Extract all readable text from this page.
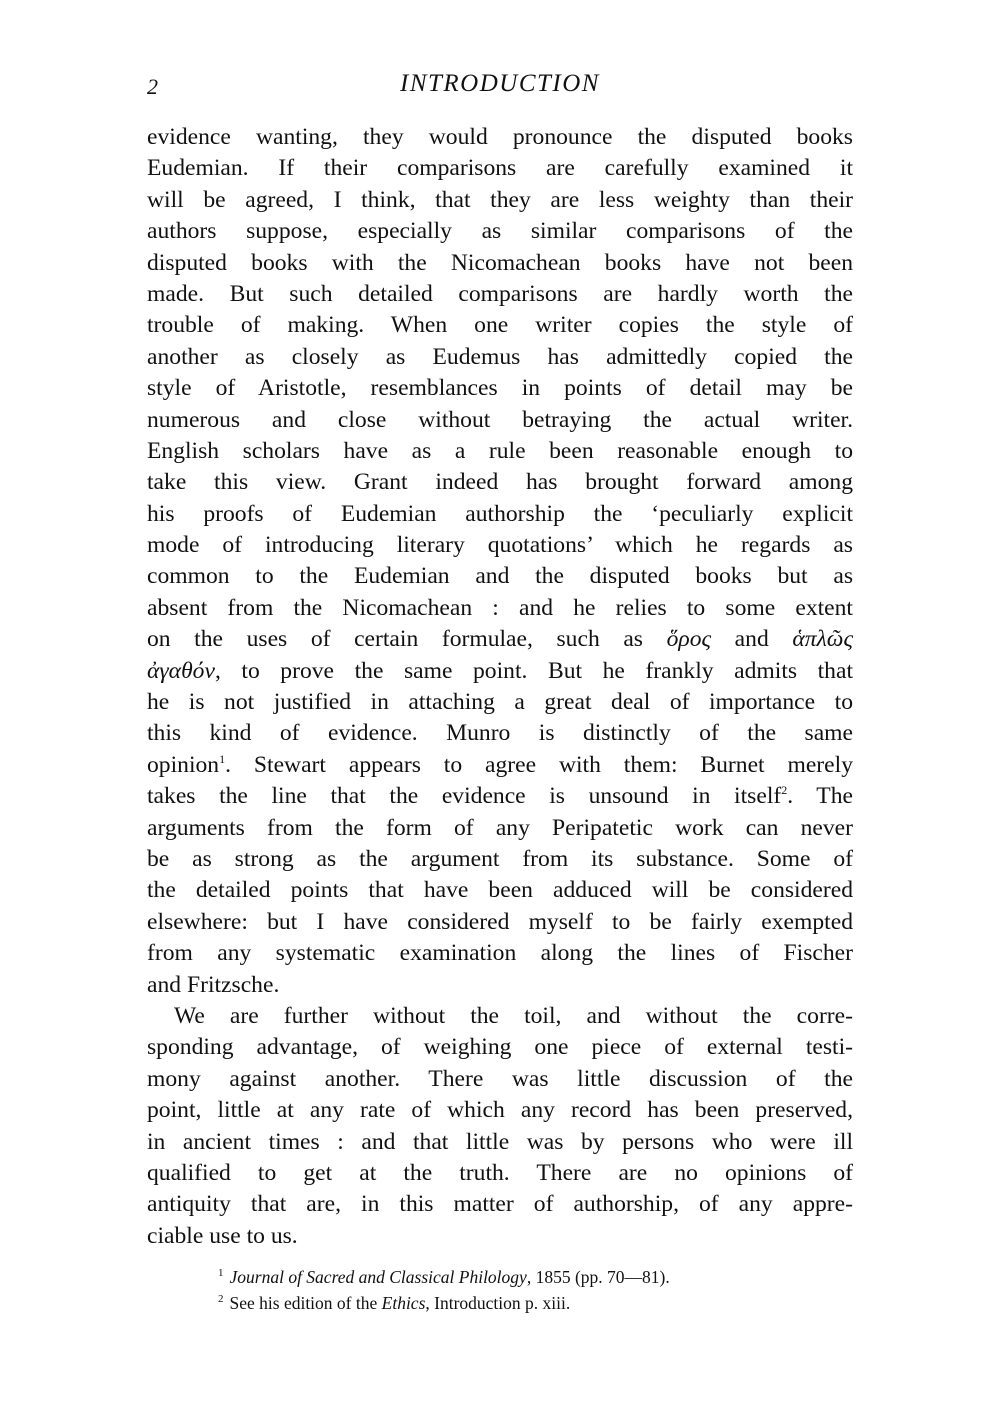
2	INTRODUCTION
evidence wanting, they would pronounce the disputed books
Eudemian. If their comparisons are carefully examined it
will be agreed, I think, that they are less weighty than their
authors suppose, especially as similar comparisons of the
disputed books with the Nicomachean books have not been
made. But such detailed comparisons are hardly worth the
trouble of making. When one writer copies the style of
another as closely as Eudemus has admittedly copied the
style of Aristotle, resemblances in points of detail may be
numerous and close without betraying the actual writer.
English scholars have as a rule been reasonable enough to
take this view. Grant indeed has brought forward among
his proofs of Eudemian authorship the ‘peculiarly explicit
mode of introducing literary quotations’ which he regards as
common to the Eudemian and the disputed books but as
absent from the Nicomachean : and he relies to some extent
on the uses of certain formulae, such as ὅρος and ἁπλῶς
ἀγαθόν, to prove the same point. But he frankly admits that
he is not justified in attaching a great deal of importance to
this kind of evidence. Munro is distinctly of the same
opinion$^1$. Stewart appears to agree with them: Burnet merely
takes the line that the evidence is unsound in itself$^2$. The
arguments from the form of any Peripatetic work can never
be as strong as the argument from its substance. Some of
the detailed points that have been adduced will be considered
elsewhere: but I have considered myself to be fairly exempted
from any systematic examination along the lines of Fischer
and Fritzsche.
We are further without the toil, and without the corre-
sponding advantage, of weighing one piece of external testi-
mony against another. There was little discussion of the
point, little at any rate of which any record has been preserved,
in ancient times : and that little was by persons who were ill
qualified to get at the truth. There are no opinions of
antiquity that are, in this matter of authorship, of any appre-
ciable use to us.
$^1$ Journal of Sacred and Classical Philology, 1855 (pp. 70—81).
$^2$ See his edition of the Ethics, Introduction p. xiii.
